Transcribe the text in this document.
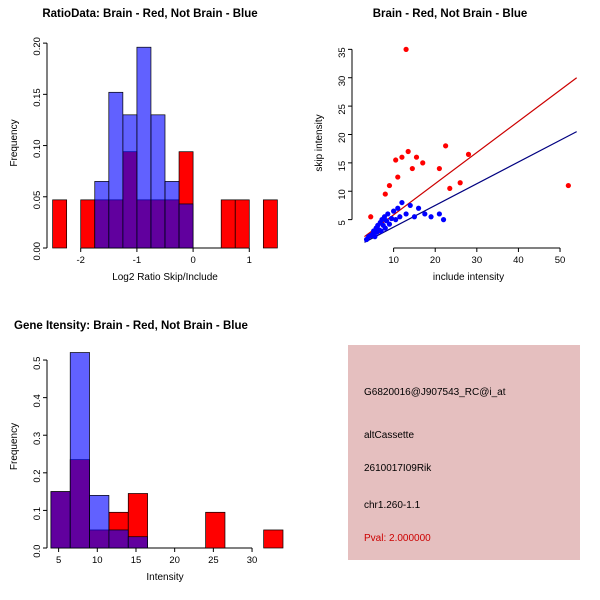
RatioData: Brain - Red, Not Brain - Blue
-2	-1	0	1
0.00
0.05
0.10
0.15
0.20
Log2 Ratio Skip/Include
Frequency
Brain - Red, Not Brain - Blue
10	20	30	40	50
5
10
15
20
25
30
35
include intensity
skip intensity
Gene Itensity: Brain - Red, Not Brain - Blue
5	10	15	20	25	30
0.0
0.1
0.2
0.3
0.4
0.5
Intensity
Frequency
G6820016@J907543_RC@i_at
altCassette
2610017I09Rik
chr1.260-1.1
Pval: 2.000000
